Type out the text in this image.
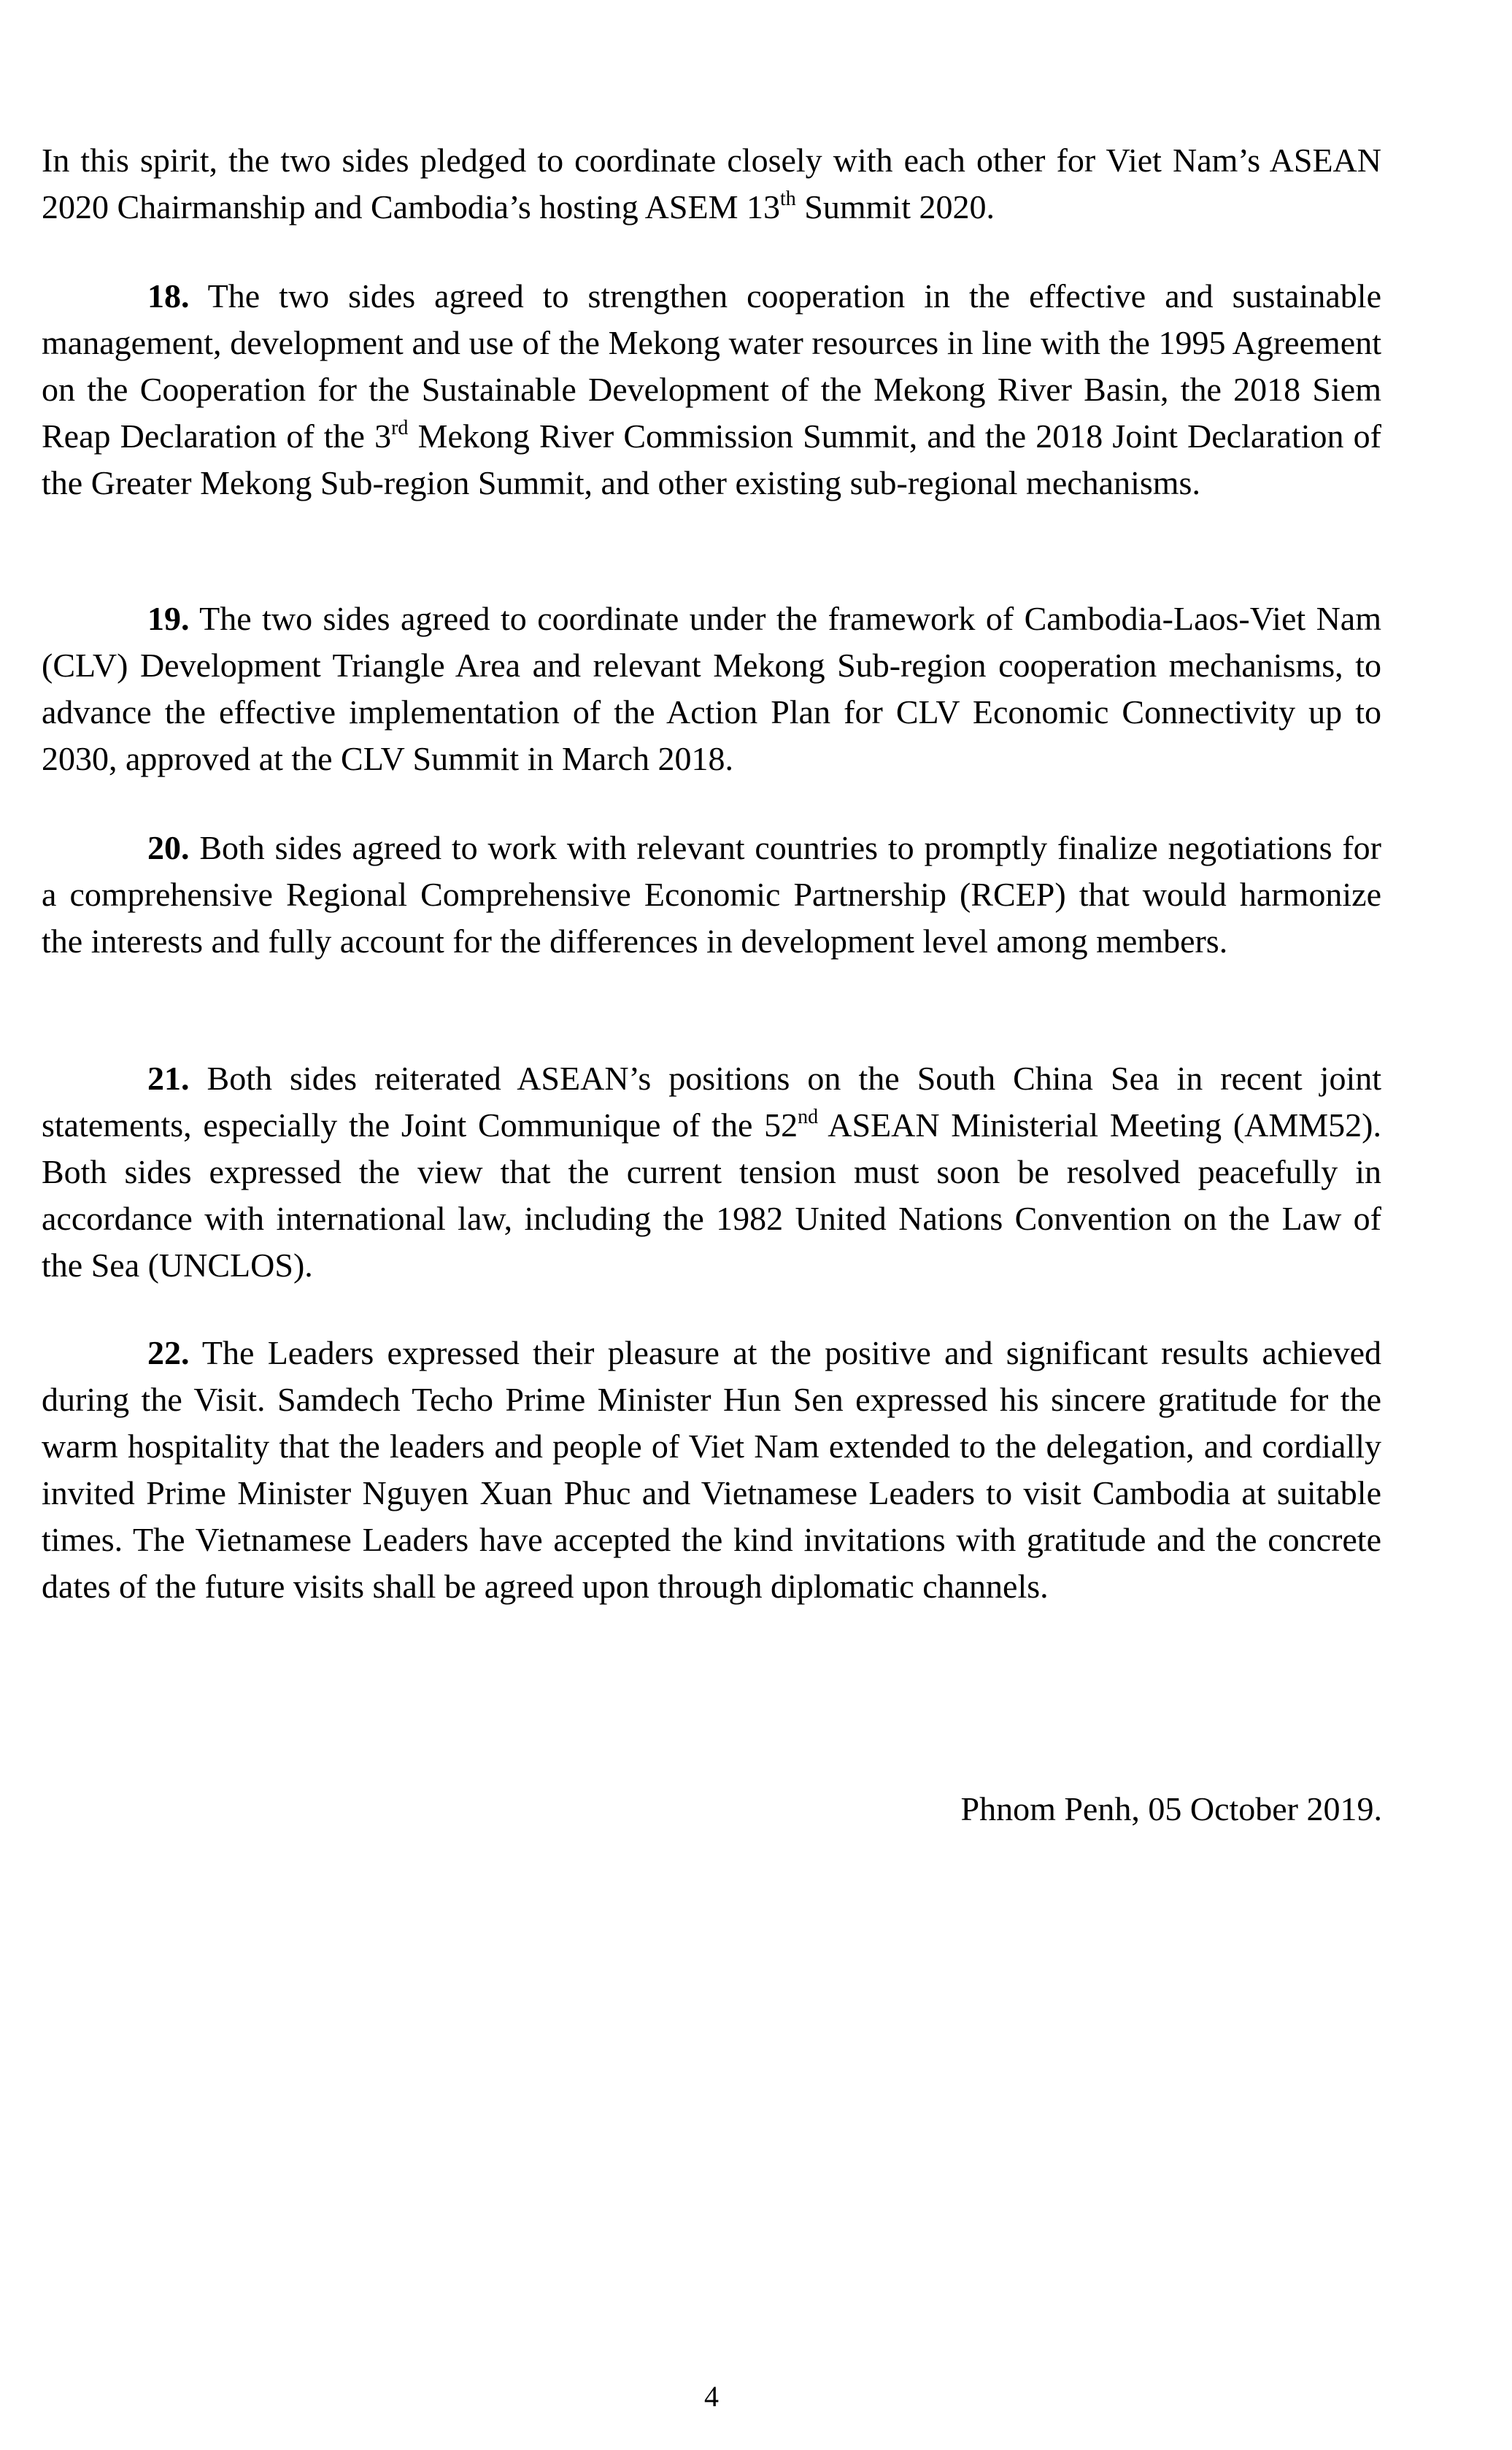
In this spirit, the two sides pledged to coordinate closely with each other for Viet Nam’s ASEAN 2020 Chairmanship and Cambodia’s hosting ASEM 13th Summit 2020.

18. The two sides agreed to strengthen cooperation in the effective and sustainable management, development and use of the Mekong water resources in line with the 1995 Agreement on the Cooperation for the Sustainable Development of the Mekong River Basin, the 2018 Siem Reap Declaration of the 3rd Mekong River Commission Summit, and the 2018 Joint Declaration of the Greater Mekong Sub-region Summit, and other existing sub-regional mechanisms.

19. The two sides agreed to coordinate under the framework of Cambodia-Laos-Viet Nam (CLV) Development Triangle Area and relevant Mekong Sub-region cooperation mechanisms, to advance the effective implementation of the Action Plan for CLV Economic Connectivity up to 2030, approved at the CLV Summit in March 2018.

20. Both sides agreed to work with relevant countries to promptly finalize negotiations for a comprehensive Regional Comprehensive Economic Partnership (RCEP) that would harmonize the interests and fully account for the differences in development level among members.

21. Both sides reiterated ASEAN’s positions on the South China Sea in recent joint statements, especially the Joint Communique of the 52nd ASEAN Ministerial Meeting (AMM52). Both sides expressed the view that the current tension must soon be resolved peacefully in accordance with international law, including the 1982 United Nations Convention on the Law of the Sea (UNCLOS).

22. The Leaders expressed their pleasure at the positive and significant results achieved during the Visit. Samdech Techo Prime Minister Hun Sen expressed his sincere gratitude for the warm hospitality that the leaders and people of Viet Nam extended to the delegation, and cordially invited Prime Minister Nguyen Xuan Phuc and Vietnamese Leaders to visit Cambodia at suitable times. The Vietnamese Leaders have accepted the kind invitations with gratitude and the concrete dates of the future visits shall be agreed upon through diplomatic channels.

Phnom Penh, 05 October 2019.

4
